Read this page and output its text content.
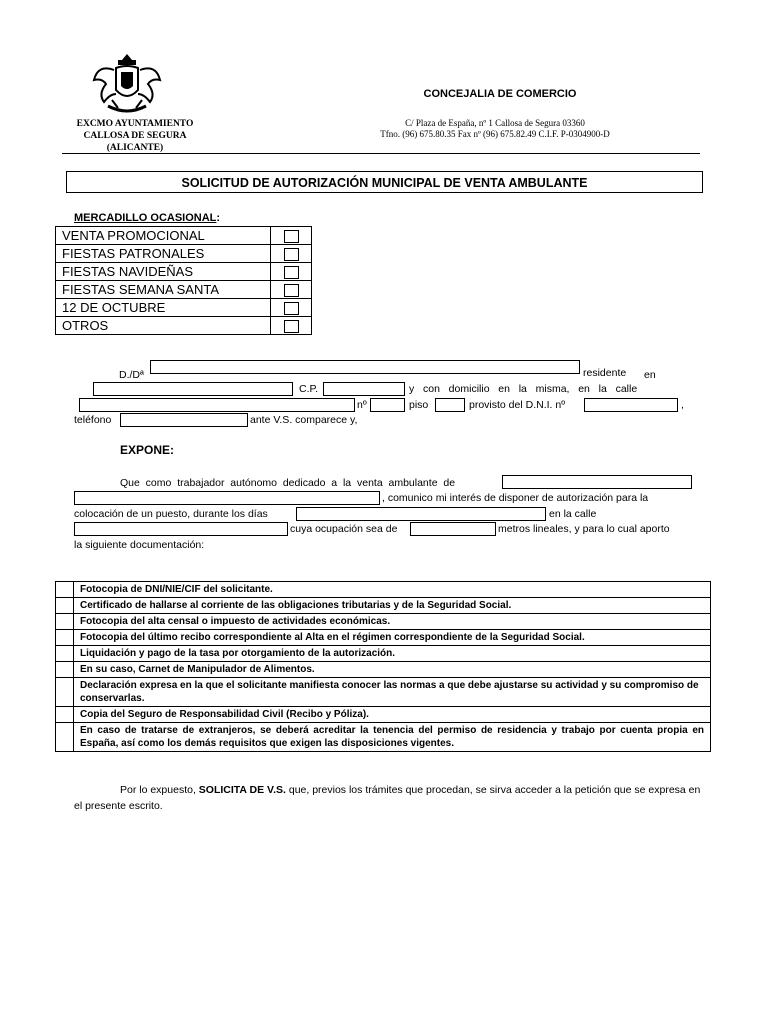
EXCMO AYUNTAMIENTO
CALLOSA DE SEGURA
(ALICANTE)
CONCEJALIA DE COMERCIO
C/ Plaza de España, nº 1 Callosa de Segura 03360
Tfno. (96) 675.80.35 Fax nº (96) 675.82.49 C.I.F. P-0304900-D
SOLICITUD DE AUTORIZACIÓN MUNICIPAL DE VENTA AMBULANTE
MERCADILLO OCASIONAL:
VENTA PROMOCIONAL	
FIESTAS PATRONALES	
FIESTAS NAVIDEÑAS	
FIESTAS SEMANA SANTA	
12 DE OCTUBRE	
OTROS	
D./Dª	residente en
C.P.	y   con   domicilio   en   la   misma,   en   la   calle
nº	piso	provisto del D.N.I. nº	,
teléfono	ante V.S. comparece y,
EXPONE:
Que  como  trabajador  autónomo  dedicado  a  la  venta  ambulante  de
, comunico mi interés de disponer de autorización para la
colocación de un puesto, durante los días	en la calle
cuya ocupación sea de	metros lineales, y para lo cual aporto
la siguiente documentación:
	Fotocopia de DNI/NIE/CIF del solicitante.
	Certificado de hallarse al corriente de las obligaciones tributarias y de la Seguridad Social.
	Fotocopia del alta censal o impuesto de actividades económicas.
	Fotocopia del último recibo correspondiente al Alta en el régimen correspondiente de la Seguridad Social.
	Liquidación y pago de la tasa por otorgamiento de la autorización.
	En su caso, Carnet de Manipulador de Alimentos.
	Declaración expresa en la que el solicitante manifiesta conocer las normas a que debe ajustarse su actividad y su compromiso de conservarlas.
	Copia del Seguro de Responsabilidad Civil (Recibo y Póliza).
	En caso de tratarse de extranjeros, se deberá acreditar la tenencia del permiso de residencia y trabajo por cuenta propia en España, así como los demás requisitos que exigen las disposiciones vigentes.
Por lo expuesto, SOLICITA DE V.S. que, previos los trámites que procedan, se sirva acceder a la petición que se expresa en el presente escrito.
